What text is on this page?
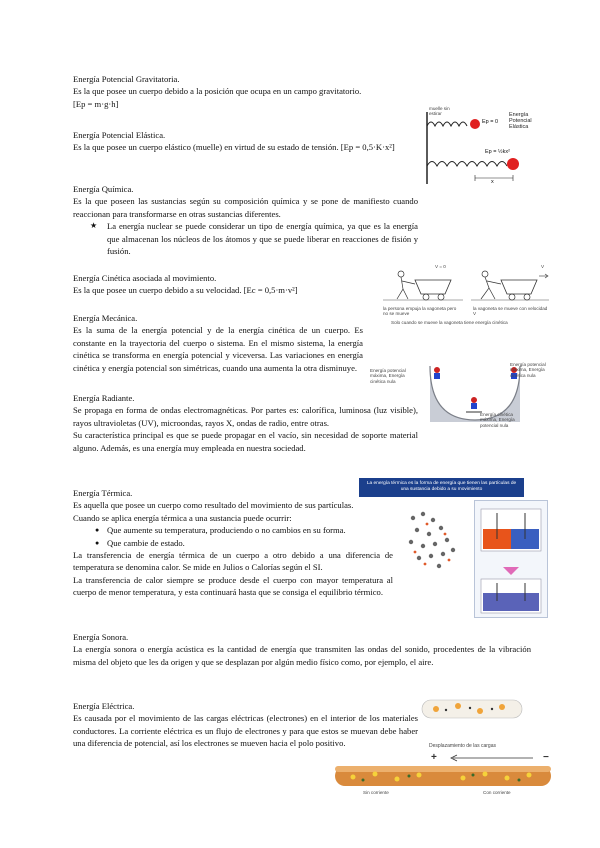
Energía Potencial Gravitatoria.

Es la que posee un cuerpo debido a la posición que ocupa en un campo gravitatorio.

[Ep = m·g·h]

Energía Potencial Elástica.

Es la que posee un cuerpo elástico (muelle) en virtud de su estado de tensión. [Ep = 0,5·K·x²]

Energía Química.

Es la que poseen las sustancias según su composición química y se pone de manifiesto cuando reaccionan para transformarse en otras sustancias diferentes.

★ La energía nuclear se puede considerar un tipo de energía química, ya que es la energía que almacenan los núcleos de los átomos y que se puede liberar en reacciones de fisión y fusión.

Energía Cinética asociada al movimiento.

Es la que posee un cuerpo debido a su velocidad. [Ec = 0,5·m·v²]

Energía Mecánica.

Es la suma de la energía potencial y de la energía cinética de un cuerpo. Es constante en la trayectoria del cuerpo o sistema. En el mismo sistema, la energía cinética se transforma en energía potencial y viceversa. Las variaciones en energía cinética y energía potencial son simétricas, cuando una aumenta la otra disminuye.

Energía Radiante.

Se propaga en forma de ondas electromagnéticas. Por partes es: calorífica, luminosa (luz visible), rayos ultravioletas (UV), microondas, rayos X, ondas de radio, entre otras.

Su característica principal es que se puede propagar en el vacío, sin necesidad de soporte material alguno. Además, es una energía muy empleada en nuestra sociedad.

Energía Térmica.

Es aquella que posee un cuerpo como resultado del movimiento de sus partículas.

Cuando se aplica energía térmica a una sustancia puede ocurrir:

● Que aumente su temperatura, produciendo o no cambios en su forma.
● Que cambie de estado.

La transferencia de energía térmica de un cuerpo a otro debido a una diferencia de temperatura se denomina calor. Se mide en Julios o Calorías según el SI.

La transferencia de calor siempre se produce desde el cuerpo con mayor temperatura al cuerpo de menor temperatura, y esta continuará hasta que se consiga el equilibrio térmico.

Energía Sonora.

La energía sonora o energía acústica es la cantidad de energía que transmiten las ondas del sonido, procedentes de la vibración misma del objeto que les da origen y que se desplazan por algún medio físico como, por ejemplo, el aire.

Energía Eléctrica.

Es causada por el movimiento de las cargas eléctricas (electrones) en el interior de los materiales conductores. La corriente eléctrica es un flujo de electrones y para que estos se muevan debe haber una diferencia de potencial, así los electrones se mueven hacia el polo positivo.

muelle sin estirar
Ep = 0
Energía Potencial Elástica
Ep = ½kx²
x
V = 0	V
la persona empuja la vagoneta pero no se mueve
la vagoneta se mueve con velocidad V
Solo cuando se mueve la vagoneta tiene energía cinética
Energía potencial máxima, Energía cinética nula
Energía potencial máxima, Energía cinética nula
Energía cinética máxima, Energía potencial nula
La energía térmica es la forma de energía que tienen las partículas de una sustancia debido a su movimiento
Desplazamiento de las cargas
+	−
Sin corriente	Con corriente
